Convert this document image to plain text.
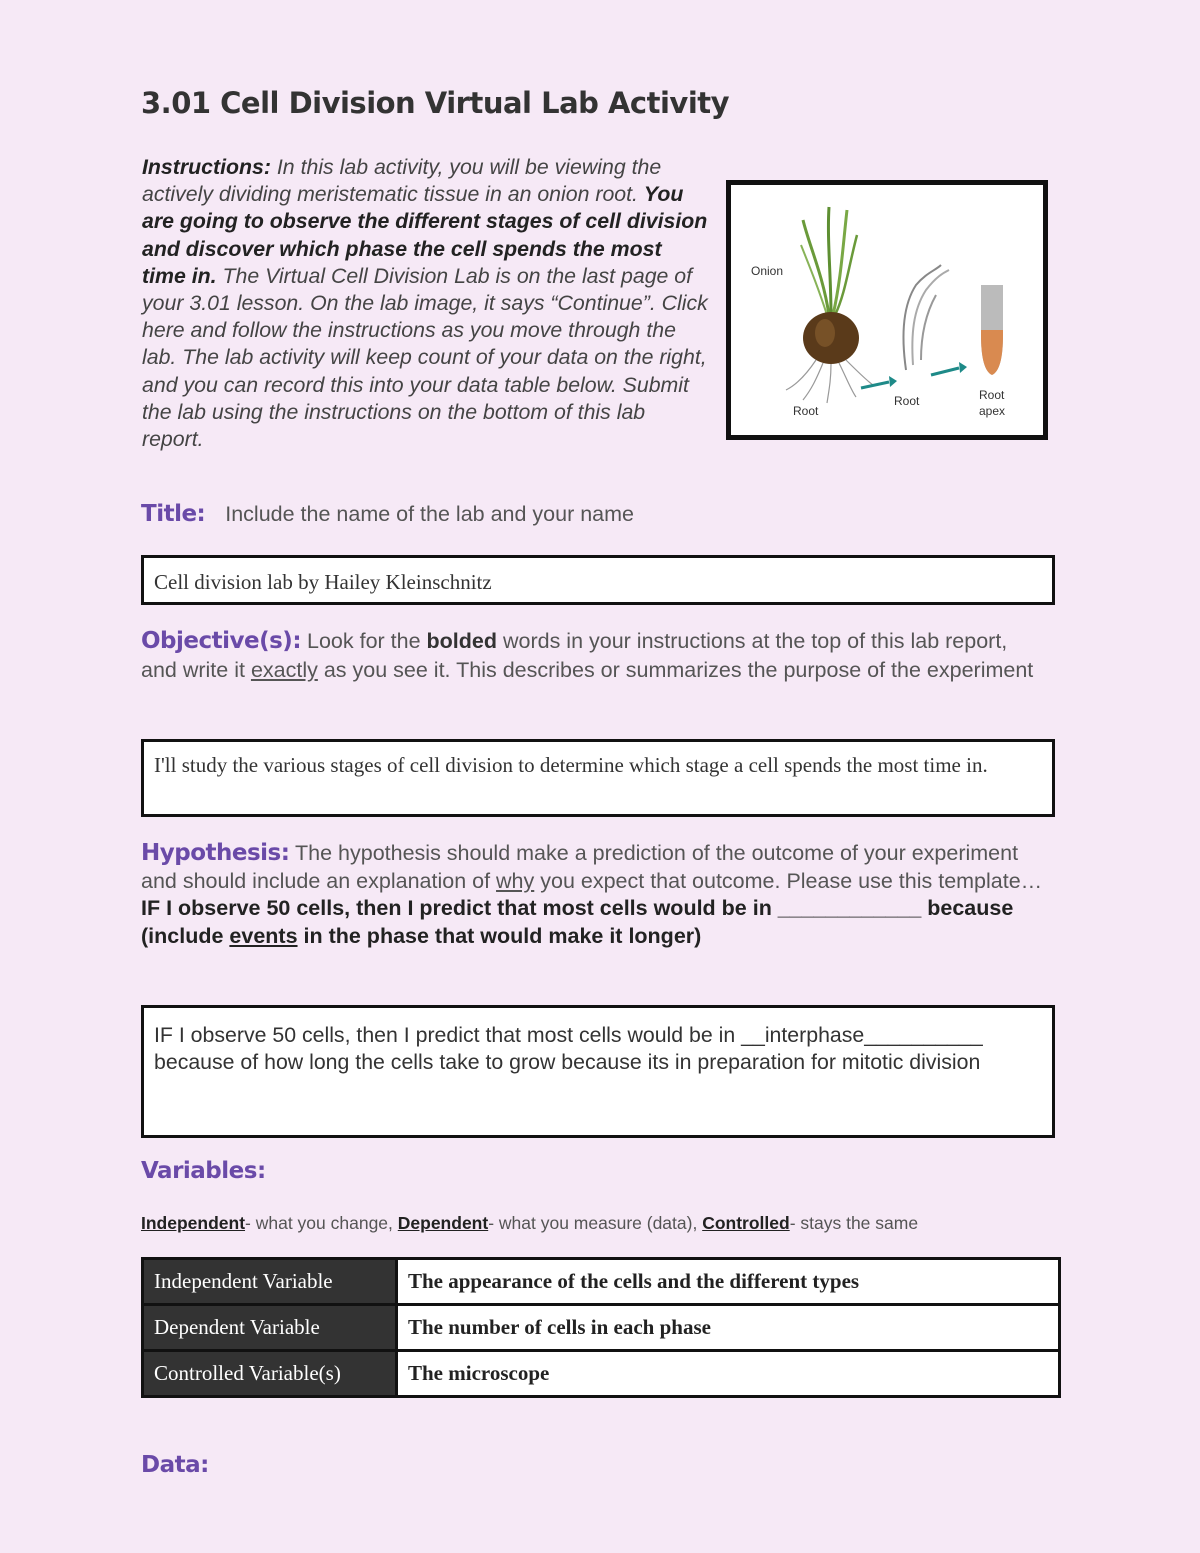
3.01 Cell Division Virtual Lab Activity
Instructions: In this lab activity, you will be viewing the actively dividing meristematic tissue in an onion root. You are going to observe the different stages of cell division and discover which phase the cell spends the most time in. The Virtual Cell Division Lab is on the last page of your 3.01 lesson. On the lab image, it says “Continue”. Click here and follow the instructions as you move through the lab. The lab activity will keep count of your data on the right, and you can record this into your data table below. Submit the lab using the instructions on the bottom of this lab report.
Onion
Root
Root	Root
apex
Title: Include the name of the lab and your name
Cell division lab by Hailey Kleinschnitz
Objective(s): Look for the bolded words in your instructions at the top of this lab report, and write it exactly as you see it. This describes or summarizes the purpose of the experiment
I'll study the various stages of cell division to determine which stage a cell spends the most time in.
Hypothesis: The hypothesis should make a prediction of the outcome of your experiment and should include an explanation of why you expect that outcome. Please use this template… IF I observe 50 cells, then I predict that most cells would be in ____________ because (include events in the phase that would make it longer)
IF I observe 50 cells, then I predict that most cells would be in __interphase__________ because of how long the cells take to grow because its in preparation for mitotic division
Variables:
Independent- what you change, Dependent- what you measure (data), Controlled- stays the same
Independent Variable	The appearance of the cells and the different types
Dependent Variable	The number of cells in each phase
Controlled Variable(s)	The microscope
Data:
